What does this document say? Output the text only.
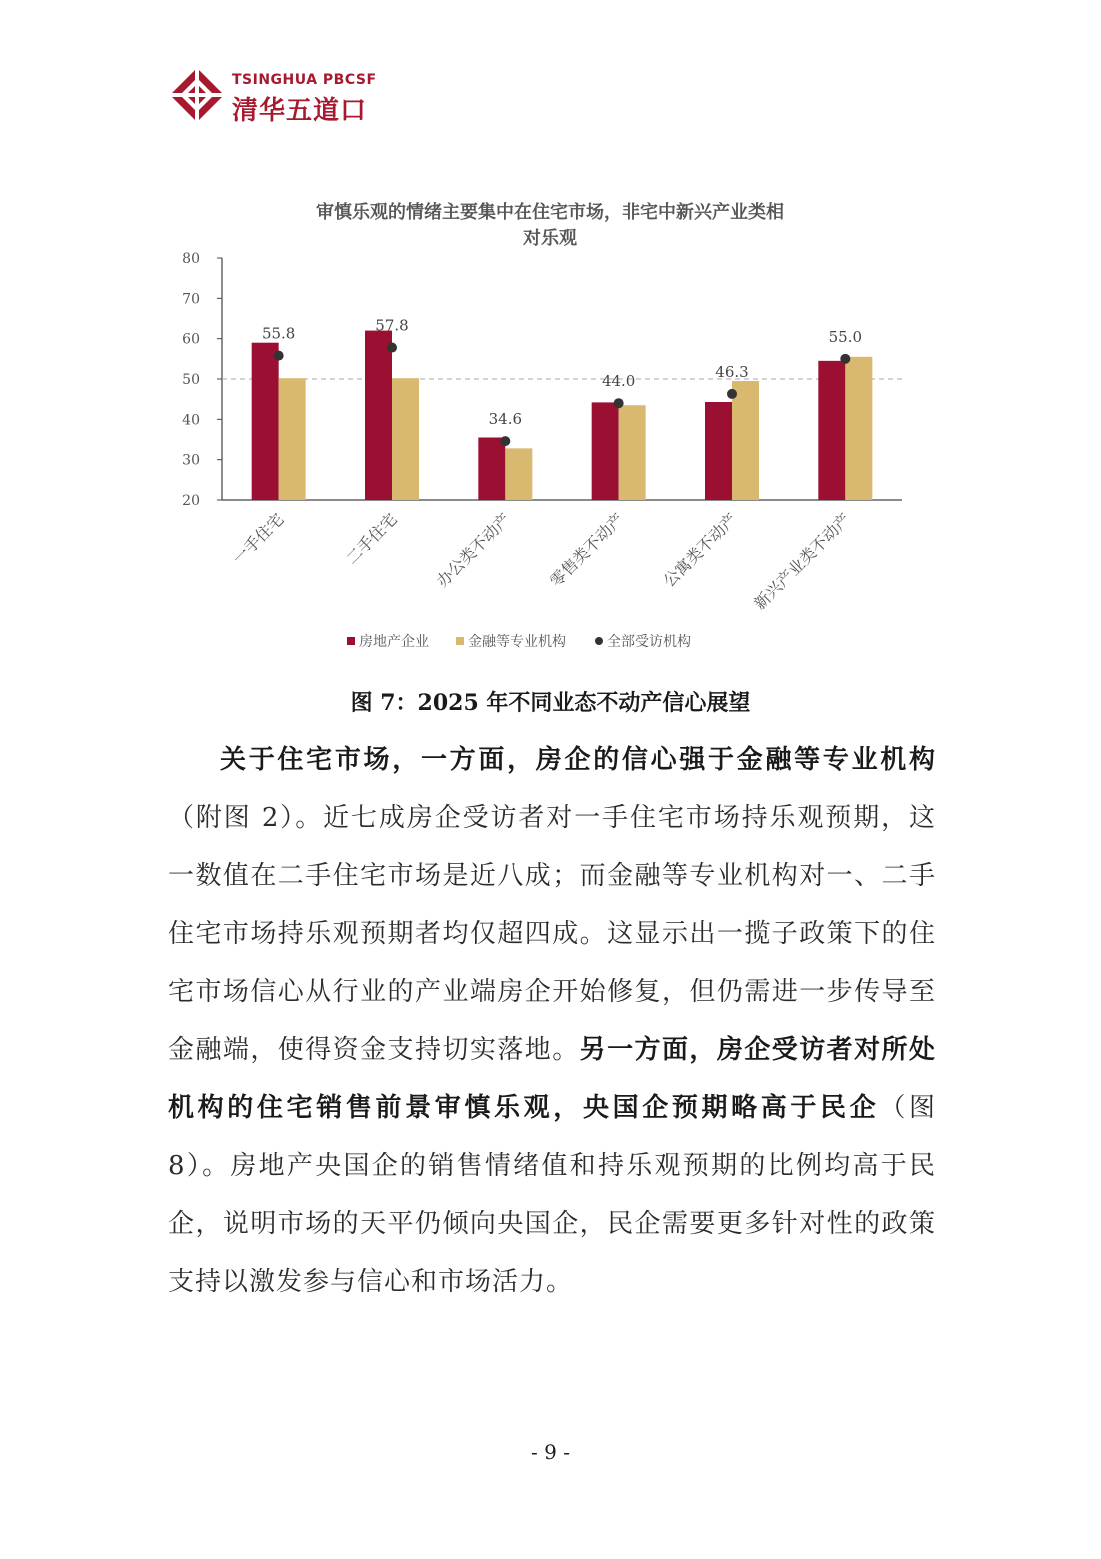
TSINGHUA PBCSF
清华五道口
审慎乐观的情绪主要集中在住宅市场，非宅中新兴产业类相
对乐观
20
30
40
50
60
70
80
55.8
一手住宅
57.8
二手住宅
34.6
办公类不动产
44.0
零售类不动产
46.3
公寓类不动产
55.0
新兴产业类不动产
房地产企业	金融等专业机构	全部受访机构

图 7：2025 年不同业态不动产信心展望

关于住宅市场，一方面，房企的信心强于金融等专业机构（附图 2）。近七成房企受访者对一手住宅市场持乐观预期，这一数值在二手住宅市场是近八成；而金融等专业机构对一、二手住宅市场持乐观预期者均仅超四成。这显示出一揽子政策下的住宅市场信心从行业的产业端房企开始修复，但仍需进一步传导至金融端，使得资金支持切实落地。另一方面，房企受访者对所处机构的住宅销售前景审慎乐观，央国企预期略高于民企（图 8）。房地产央国企的销售情绪值和持乐观预期的比例均高于民企，说明市场的天平仍倾向央国企，民企需要更多针对性的政策支持以激发参与信心和市场活力。

- 9 -
